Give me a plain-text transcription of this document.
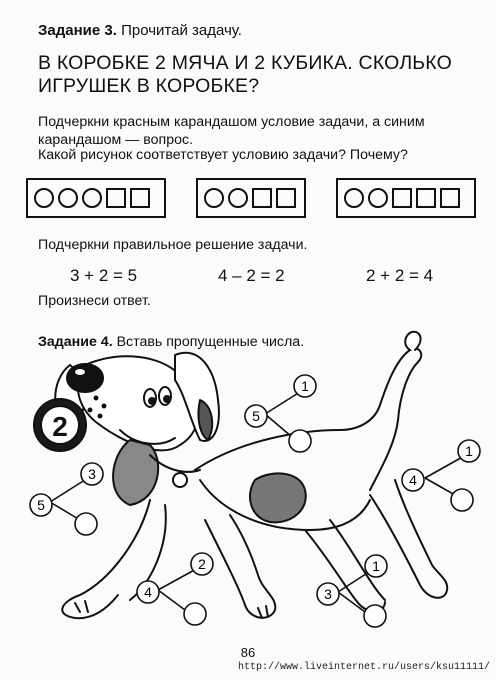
Задание 3. Прочитай задачу.
В КОРОБКЕ 2 МЯЧА И 2 КУБИКА. СКОЛЬКО ИГРУШЕК В КОРОБКЕ?
Подчеркни красным карандашом условие задачи, а синим карандашом — вопрос.
Какой рисунок соответствует условию задачи? Почему?
Подчеркни правильное решение задачи.
3 + 2 = 5	4 – 2 = 2	2 + 2 = 4
Произнеси ответ.
Задание 4. Вставь пропущенные числа.
2
1
5
3
5
1
4
2
4
1
3
86
http://www.liveinternet.ru/users/ksu11111/
